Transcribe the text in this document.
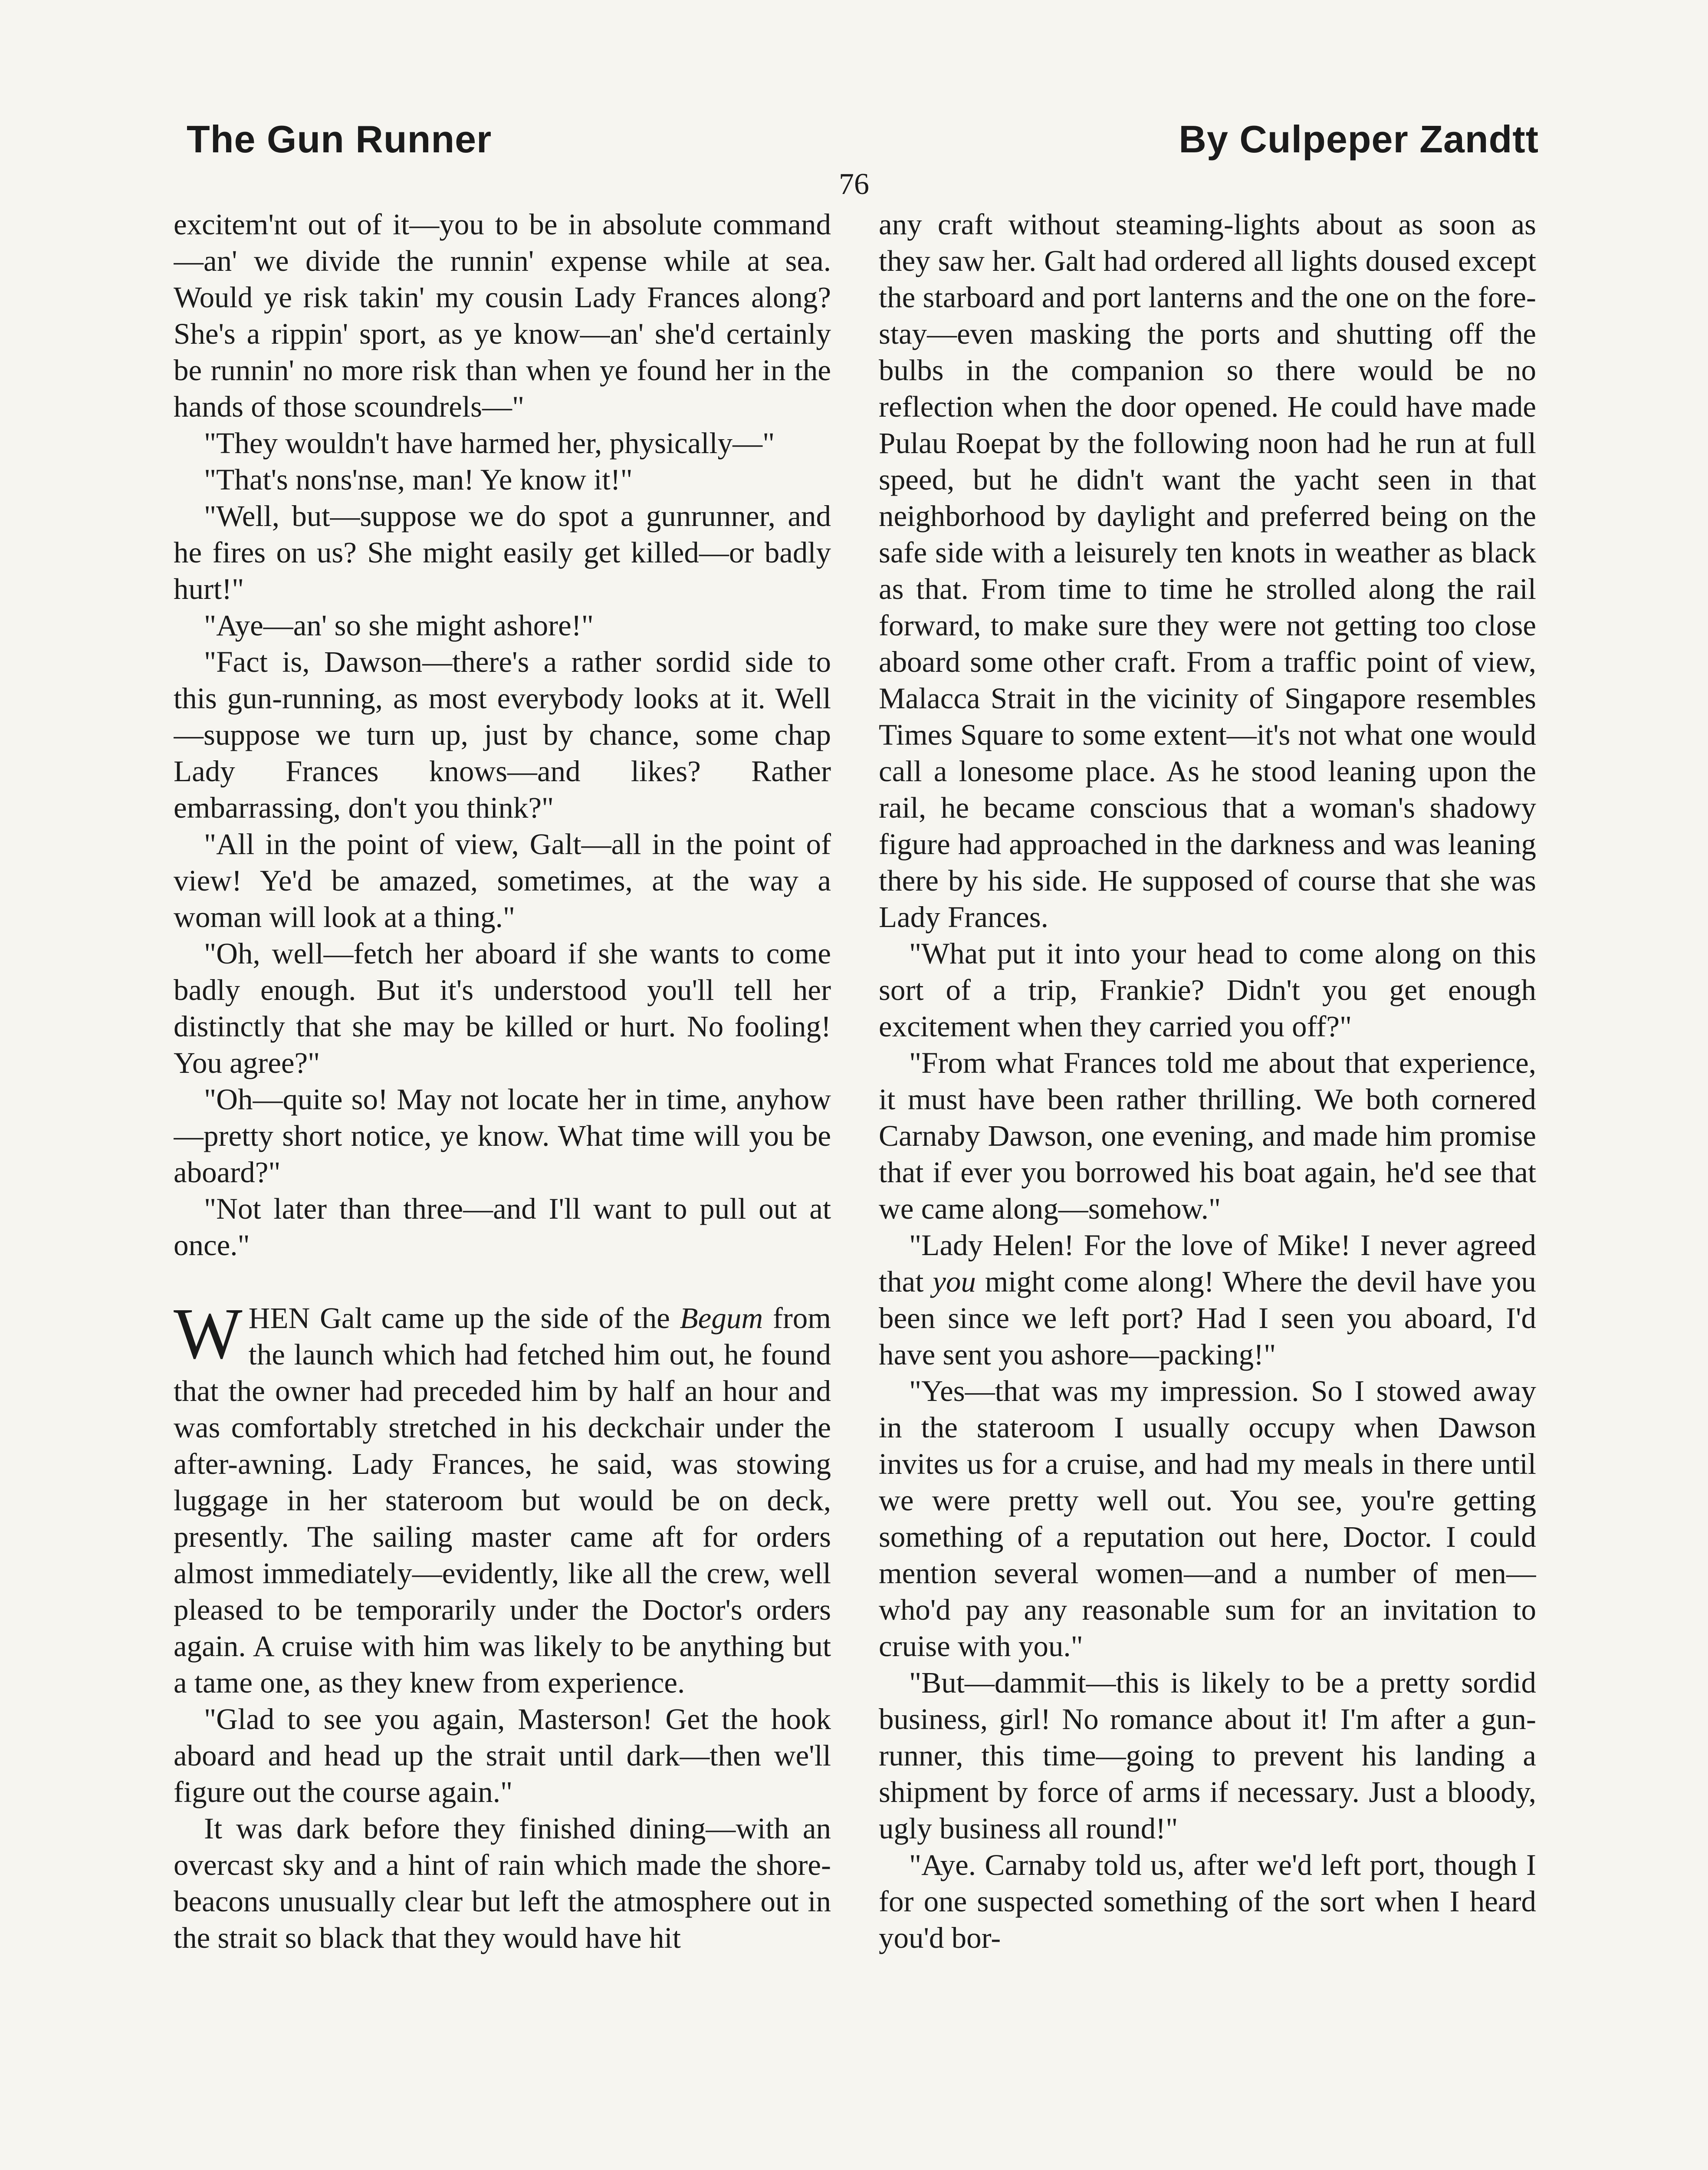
The Gun Runner	By Culpeper Zandtt
76

excitem'nt out of it—you to be in absolute command—an' we divide the runnin' expense while at sea. Would ye risk takin' my cousin Lady Frances along? She's a rippin' sport, as ye know—an' she'd certainly be runnin' no more risk than when ye found her in the hands of those scoundrels—"

"They wouldn't have harmed her, physically—"

"That's nons'nse, man! Ye know it!"

"Well, but—suppose we do spot a gunrunner, and he fires on us? She might easily get killed—or badly hurt!"

"Aye—an' so she might ashore!"

"Fact is, Dawson—there's a rather sordid side to this gun-running, as most everybody looks at it. Well—suppose we turn up, just by chance, some chap Lady Frances knows—and likes? Rather embarrassing, don't you think?"

"All in the point of view, Galt—all in the point of view! Ye'd be amazed, sometimes, at the way a woman will look at a thing."

"Oh, well—fetch her aboard if she wants to come badly enough. But it's understood you'll tell her distinctly that she may be killed or hurt. No fooling! You agree?"

"Oh—quite so! May not locate her in time, anyhow—pretty short notice, ye know. What time will you be aboard?"

"Not later than three—and I'll want to pull out at once."

WHEN Galt came up the side of the Begum from the launch which had fetched him out, he found that the owner had preceded him by half an hour and was comfortably stretched in his deckchair under the after-awning. Lady Frances, he said, was stowing luggage in her stateroom but would be on deck, presently. The sailing master came aft for orders almost immediately—evidently, like all the crew, well pleased to be temporarily under the Doctor's orders again. A cruise with him was likely to be anything but a tame one, as they knew from experience.

"Glad to see you again, Masterson! Get the hook aboard and head up the strait until dark—then we'll figure out the course again."

It was dark before they finished dining—with an overcast sky and a hint of rain which made the shore-beacons unusually clear but left the atmosphere out in the strait so black that they would have hit

any craft without steaming-lights about as soon as they saw her. Galt had ordered all lights doused except the starboard and port lanterns and the one on the fore-stay—even masking the ports and shutting off the bulbs in the companion so there would be no reflection when the door opened. He could have made Pulau Roepat by the following noon had he run at full speed, but he didn't want the yacht seen in that neighborhood by daylight and preferred being on the safe side with a leisurely ten knots in weather as black as that. From time to time he strolled along the rail forward, to make sure they were not getting too close aboard some other craft. From a traffic point of view, Malacca Strait in the vicinity of Singapore resembles Times Square to some extent—it's not what one would call a lonesome place. As he stood leaning upon the rail, he became conscious that a woman's shadowy figure had approached in the darkness and was leaning there by his side. He supposed of course that she was Lady Frances.

"What put it into your head to come along on this sort of a trip, Frankie? Didn't you get enough excitement when they carried you off?"

"From what Frances told me about that experience, it must have been rather thrilling. We both cornered Carnaby Dawson, one evening, and made him promise that if ever you borrowed his boat again, he'd see that we came along—somehow."

"Lady Helen! For the love of Mike! I never agreed that you might come along! Where the devil have you been since we left port? Had I seen you aboard, I'd have sent you ashore—packing!"

"Yes—that was my impression. So I stowed away in the stateroom I usually occupy when Dawson invites us for a cruise, and had my meals in there until we were pretty well out. You see, you're getting something of a reputation out here, Doctor. I could mention several women—and a number of men—who'd pay any reasonable sum for an invitation to cruise with you."

"But—dammit—this is likely to be a pretty sordid business, girl! No romance about it! I'm after a gun-runner, this time—going to prevent his landing a shipment by force of arms if necessary. Just a bloody, ugly business all round!"

"Aye. Carnaby told us, after we'd left port, though I for one suspected something of the sort when I heard you'd bor-
